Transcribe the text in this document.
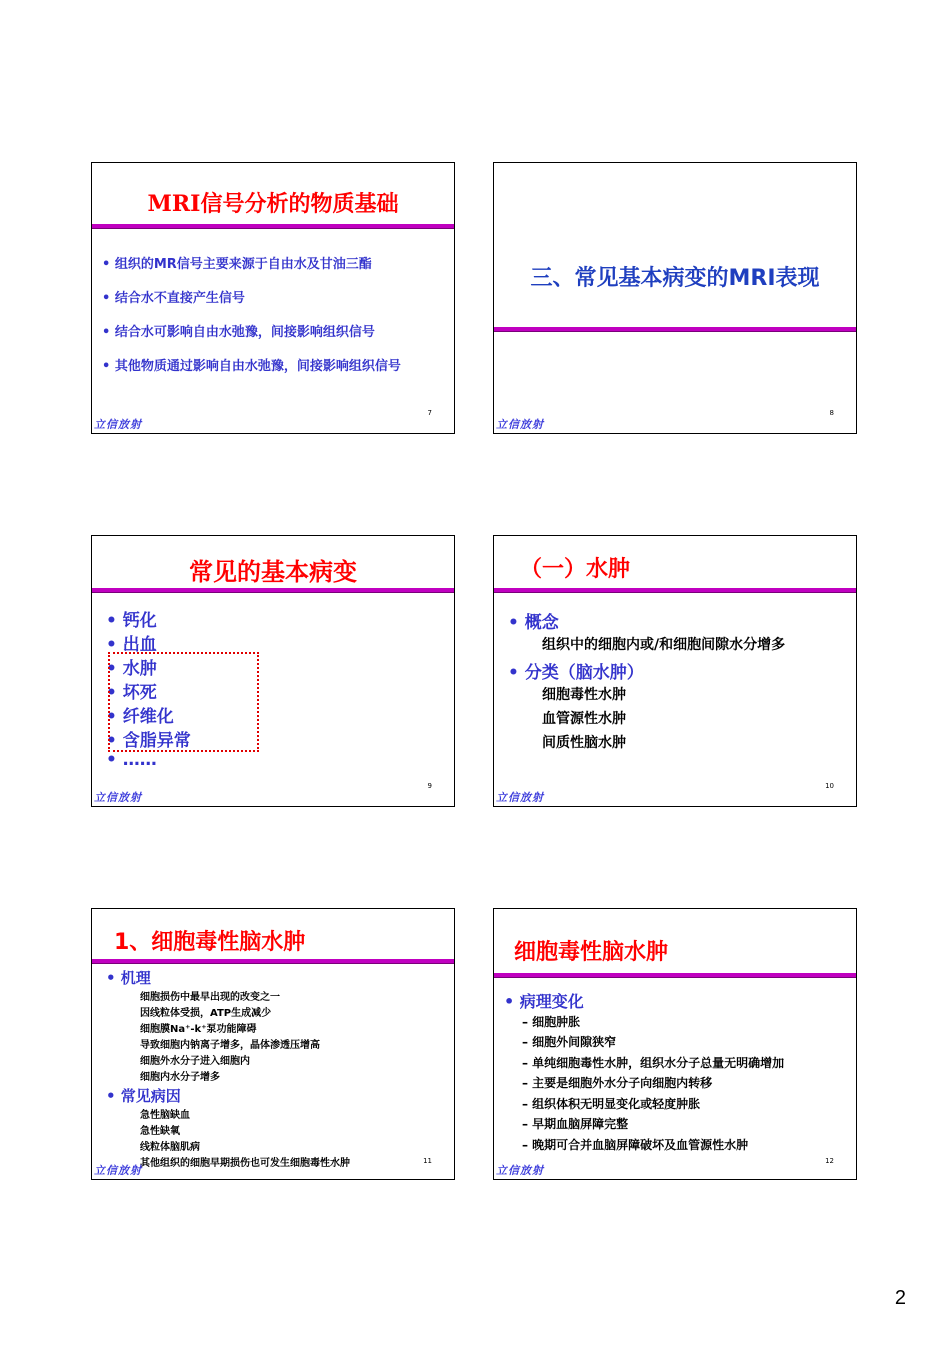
MRI信号分析的物质基础
• 组织的MR信号主要来源于自由水及甘油三酯
• 结合水不直接产生信号
• 结合水可影响自由水弛豫，间接影响组织信号
• 其他物质通过影响自由水弛豫，间接影响组织信号
7
立信放射
三、常见基本病变的MRI表现
8
立信放射
常见的基本病变
• 钙化
• 出血
• 水肿
• 坏死
• 纤维化
• 含脂异常
• ……
9
立信放射
（一）水肿
• 概念
组织中的细胞内或/和细胞间隙水分增多
• 分类（脑水肿）
细胞毒性水肿
血管源性水肿
间质性脑水肿
10
立信放射
1、细胞毒性脑水肿
• 机理
细胞损伤中最早出现的改变之一
因线粒体受损，ATP生成减少
细胞膜Na⁺-k⁺泵功能障碍
导致细胞内钠离子增多，晶体渗透压增高
细胞外水分子进入细胞内
细胞内水分子增多
• 常见病因
急性脑缺血
急性缺氧
线粒体脑肌病
其他组织的细胞早期损伤也可发生细胞毒性水肿	11
立信放射
细胞毒性脑水肿
• 病理变化
– 细胞肿胀
– 细胞外间隙狭窄
– 单纯细胞毒性水肿，组织水分子总量无明确增加
– 主要是细胞外水分子向细胞内转移
– 组织体积无明显变化或轻度肿胀
– 早期血脑屏障完整
– 晚期可合并血脑屏障破坏及血管源性水肿
12
立信放射
2
